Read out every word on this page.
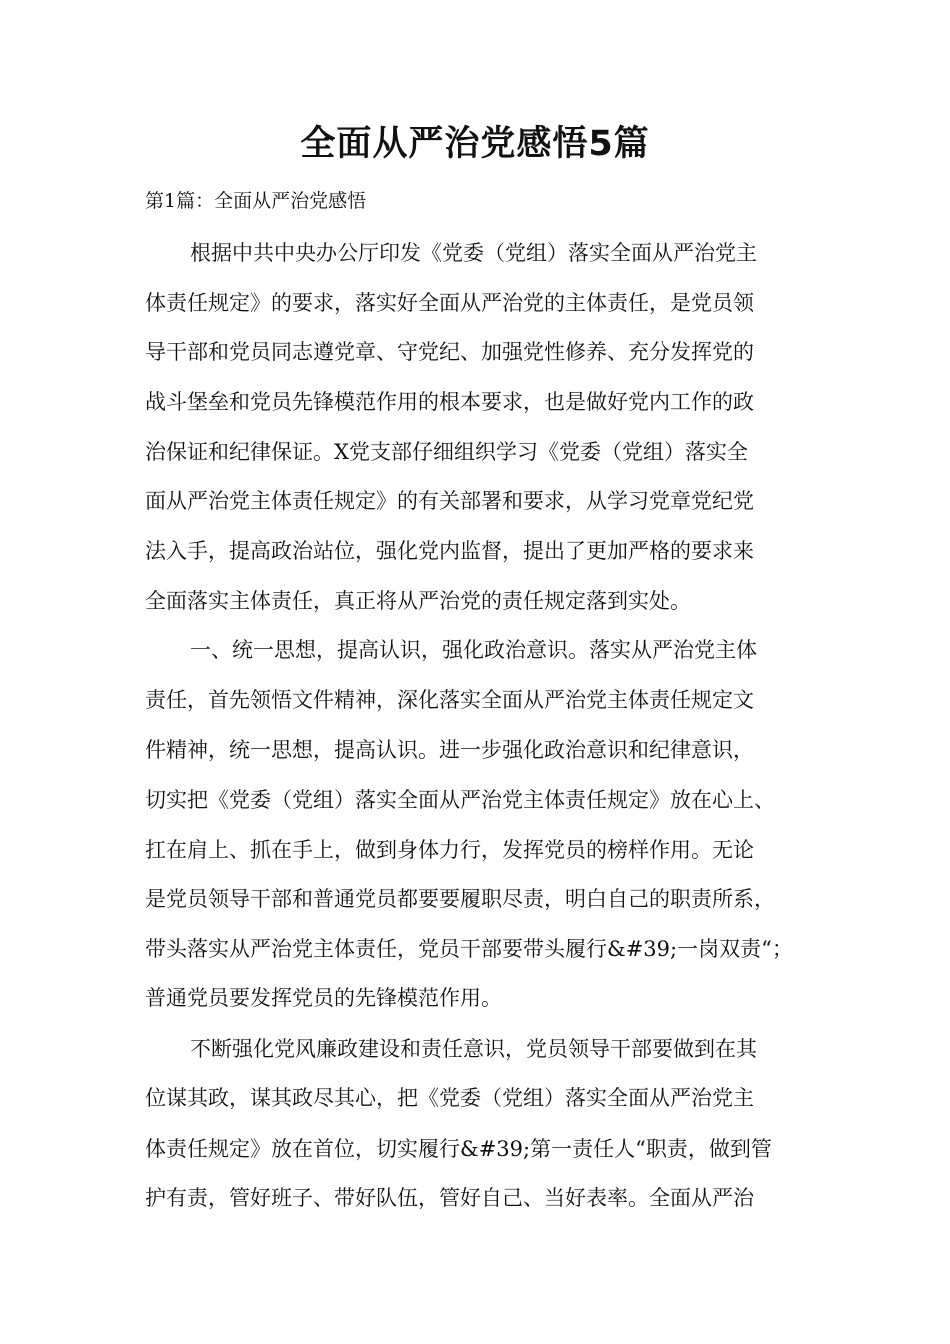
全面从严治党感悟5篇
第1篇：全面从严治党感悟
根据中共中央办公厅印发《党委（党组）落实全面从严治党主
体责任规定》的要求，落实好全面从严治党的主体责任，是党员领
导干部和党员同志遵党章、守党纪、加强党性修养、充分发挥党的
战斗堡垒和党员先锋模范作用的根本要求，也是做好党内工作的政
治保证和纪律保证。X党支部仔细组织学习《党委（党组）落实全
面从严治党主体责任规定》的有关部署和要求，从学习党章党纪党
法入手，提高政治站位，强化党内监督，提出了更加严格的要求来
全面落实主体责任，真正将从严治党的责任规定落到实处。
一、统一思想，提高认识，强化政治意识。落实从严治党主体
责任，首先领悟文件精神，深化落实全面从严治党主体责任规定文
件精神，统一思想，提高认识。进一步强化政治意识和纪律意识，
切实把《党委（党组）落实全面从严治党主体责任规定》放在心上、
扛在肩上、抓在手上，做到身体力行，发挥党员的榜样作用。无论
是党员领导干部和普通党员都要要履职尽责，明白自己的职责所系，
带头落实从严治党主体责任，党员干部要带头履行&#39;一岗双责“；
普通党员要发挥党员的先锋模范作用。
不断强化党风廉政建设和责任意识，党员领导干部要做到在其
位谋其政，谋其政尽其心，把《党委（党组）落实全面从严治党主
体责任规定》放在首位，切实履行&#39;第一责任人“职责，做到管
护有责，管好班子、带好队伍，管好自己、当好表率。全面从严治
